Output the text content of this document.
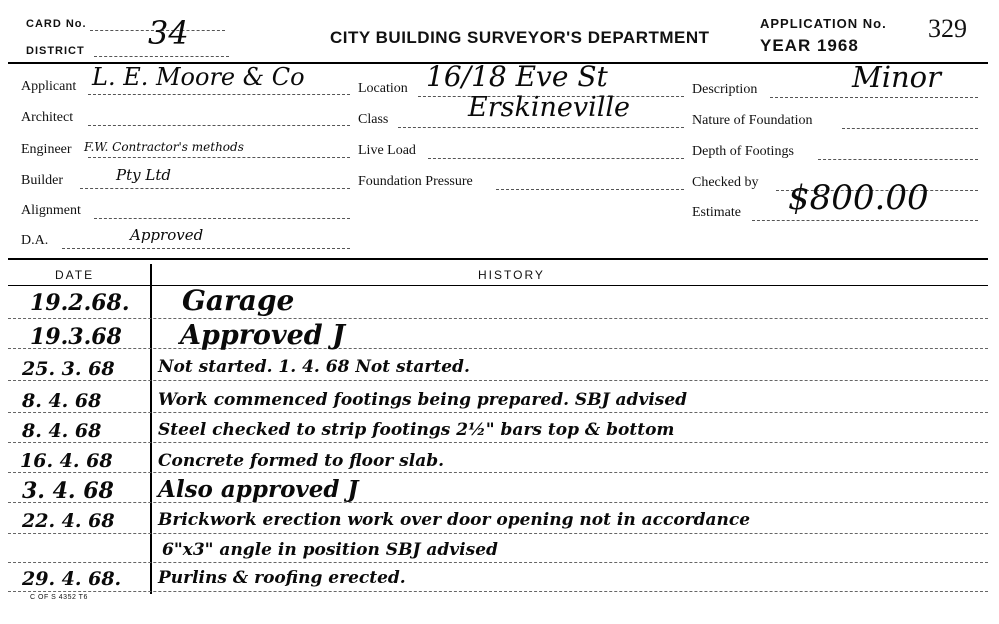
CARD No.
DISTRICT 34	CITY BUILDING SURVEYOR'S DEPARTMENT
APPLICATION No.
YEAR 1968
329
Applicant L. E. Moore & Co
Architect
Engineer F.W. Contractor's methods
Builder	Pty Ltd
Alignment
D.A.	Approved
Location 16/18 Eve St
Class	Erskineville
Live Load
Foundation Pressure
Description	Minor
Nature of Foundation
Depth of Footings
Checked by
Estimate $800.00
DATE	HISTORY
19.2.68. Garage
19.3.68 Approved J
25. 3. 68	Not started. 1. 4. 68 Not started.
8. 4. 68	Work commenced footings being prepared. SBJ advised
8. 4. 68	Steel checked to strip footings 2½" bars top & bottom
16. 4. 68	Concrete formed to floor slab.
3. 4. 68 Also approved J
22. 4. 68	Brickwork erection work over door opening not in accordance
6"x3" angle in position SBJ advised
29. 4. 68. Purlins & roofing erected.
C OF S 4352 T6
